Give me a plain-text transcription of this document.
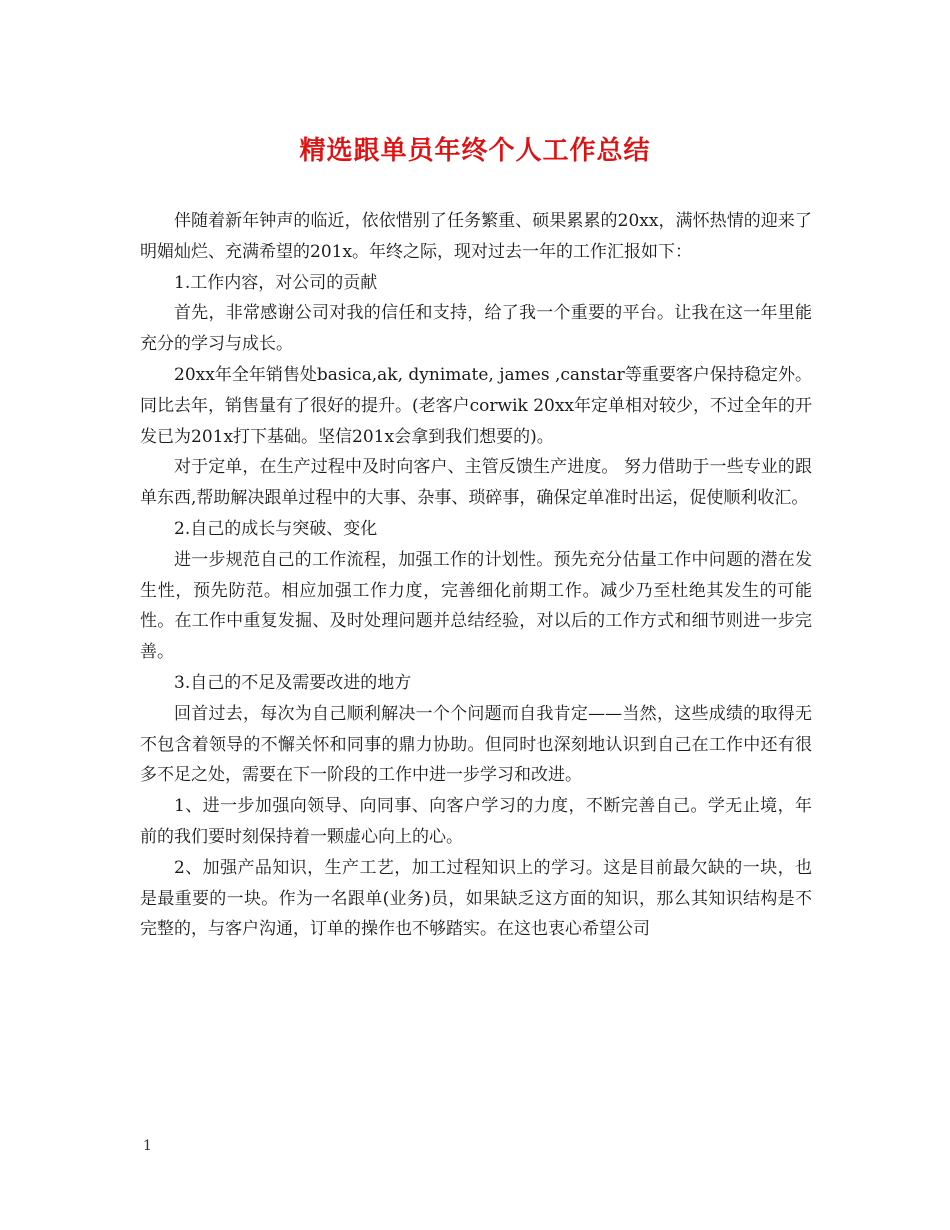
精选跟单员年终个人工作总结

伴随着新年钟声的临近，依依惜别了任务繁重、硕果累累的20xx，满怀热情的迎来了明媚灿烂、充满希望的201x。年终之际，现对过去一年的工作汇报如下：

1.工作内容，对公司的贡献

首先，非常感谢公司对我的信任和支持，给了我一个重要的平台。让我在这一年里能充分的学习与成长。

20xx年全年销售处basica,ak, dynimate, james ,canstar等重要客户保持稳定外。同比去年，销售量有了很好的提升。(老客户corwik 20xx年定单相对较少，不过全年的开发已为201x打下基础。坚信201x会拿到我们想要的)。

对于定单，在生产过程中及时向客户、主管反馈生产进度。 努力借助于一些专业的跟单东西,帮助解决跟单过程中的大事、杂事、琐碎事，确保定单准时出运，促使顺利收汇。

2.自己的成长与突破、变化

进一步规范自己的工作流程，加强工作的计划性。预先充分估量工作中问题的潜在发生性，预先防范。相应加强工作力度，完善细化前期工作。减少乃至杜绝其发生的可能性。在工作中重复发掘、及时处理问题并总结经验，对以后的工作方式和细节则进一步完善。

3.自己的不足及需要改进的地方

回首过去，每次为自己顺利解决一个个问题而自我肯定——当然，这些成绩的取得无不包含着领导的不懈关怀和同事的鼎力协助。但同时也深刻地认识到自己在工作中还有很多不足之处，需要在下一阶段的工作中进一步学习和改进。

1、进一步加强向领导、向同事、向客户学习的力度，不断完善自己。学无止境，年前的我们要时刻保持着一颗虚心向上的心。

2、加强产品知识，生产工艺，加工过程知识上的学习。这是目前最欠缺的一块，也是最重要的一块。作为一名跟单(业务)员，如果缺乏这方面的知识，那么其知识结构是不完整的，与客户沟通，订单的操作也不够踏实。在这也衷心希望公司

1
